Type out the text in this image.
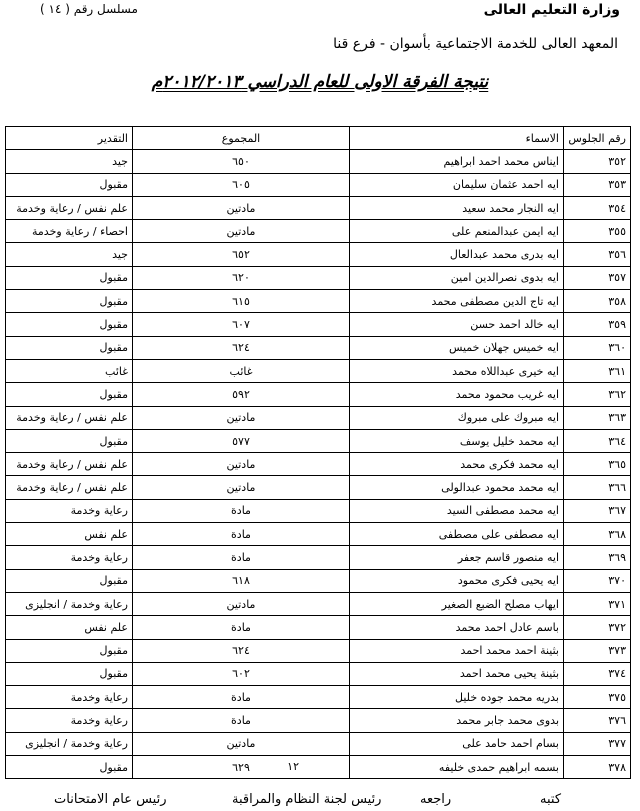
وزارة التعليم العالى
مسلسل رقم ( ١٤ )
المعهد العالى للخدمة الاجتماعية بأسوان - فرع قنا
نتيجة الفرقة الاولى للعام الدراسي ٢٠١٢/٢٠١٣م
رقم الجلوس	الاسماء	المجموع	التقدير
٣٥٢	ايناس محمد احمد ابراهيم	٦٥٠	جيد
٣٥٣	ايه احمد عثمان سليمان	٦٠٥	مقبول
٣٥٤	ايه النجار محمد سعيد	مادتين	علم نفس / رعاية وخدمة
٣٥٥	ايه ايمن عبدالمنعم على	مادتين	احصاء / رعاية وخدمة
٣٥٦	ايه بدرى محمد عبدالعال	٦٥٢	جيد
٣٥٧	ايه بدوى نصرالدين امين	٦٢٠	مقبول
٣٥٨	ايه تاج الدين مصطفى محمد	٦١٥	مقبول
٣٥٩	ايه خالد احمد حسن	٦٠٧	مقبول
٣٦٠	ايه خميس جهلان خميس	٦٢٤	مقبول
٣٦١	ايه خيرى عبداللاه محمد	غائب	غائب
٣٦٢	ايه غريب محمود محمد	٥٩٢	مقبول
٣٦٣	ايه مبروك على مبروك	مادتين	علم نفس / رعاية وخدمة
٣٦٤	ايه محمد خليل يوسف	٥٧٧	مقبول
٣٦٥	ايه محمد فكرى محمد	مادتين	علم نفس / رعاية وخدمة
٣٦٦	ايه محمد محمود عبدالولى	مادتين	علم نفس / رعاية وخدمة
٣٦٧	ايه محمد مصطفى السيد	مادة	رعاية وخدمة
٣٦٨	ايه مصطفى على مصطفى	مادة	علم نفس
٣٦٩	ايه منصور قاسم جعفر	مادة	رعاية وخدمة
٣٧٠	ايه يحيى فكرى محمود	٦١٨	مقبول
٣٧١	ايهاب مصلح الضبع الصغير	مادتين	رعاية وخدمة / انجليزى
٣٧٢	باسم عادل احمد محمد	مادة	علم نفس
٣٧٣	بثينة احمد محمد احمد	٦٢٤	مقبول
٣٧٤	بثينة يحيى محمد احمد	٦٠٢	مقبول
٣٧٥	بدريه محمد جوده خليل	مادة	رعاية وخدمة
٣٧٦	بدوى محمد جابر محمد	مادة	رعاية وخدمة
٣٧٧	بسام احمد حامد على	مادتين	رعاية وخدمة / انجليزى
٣٧٨	بسمه ابراهيم حمدى خليفه	٦٢٩ ١٢	مقبول
كتبه
راجعه
رئيس لجنة النظام والمراقبة
رئيس عام الامتحانات
